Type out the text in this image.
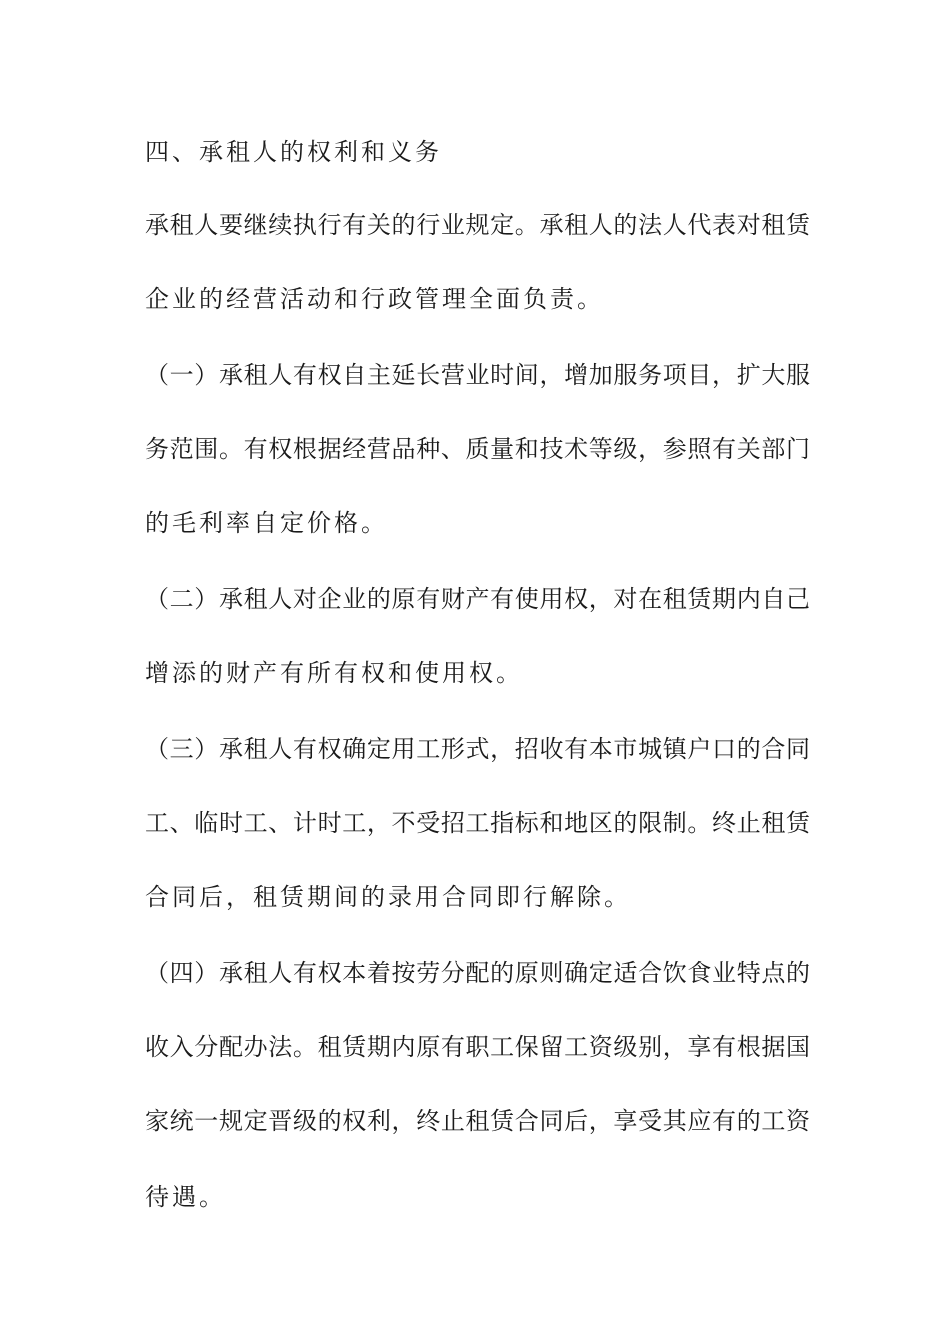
四、承租人的权利和义务
承租人要继续执行有关的行业规定。承租人的法人代表对租赁
企业的经营活动和行政管理全面负责。
（一）承租人有权自主延长营业时间，增加服务项目，扩大服
务范围。有权根据经营品种、质量和技术等级，参照有关部门
的毛利率自定价格。
（二）承租人对企业的原有财产有使用权，对在租赁期内自己
增添的财产有所有权和使用权。
（三）承租人有权确定用工形式，招收有本市城镇户口的合同
工、临时工、计时工，不受招工指标和地区的限制。终止租赁
合同后，租赁期间的录用合同即行解除。
（四）承租人有权本着按劳分配的原则确定适合饮食业特点的
收入分配办法。租赁期内原有职工保留工资级别，享有根据国
家统一规定晋级的权利，终止租赁合同后，享受其应有的工资
待遇。
